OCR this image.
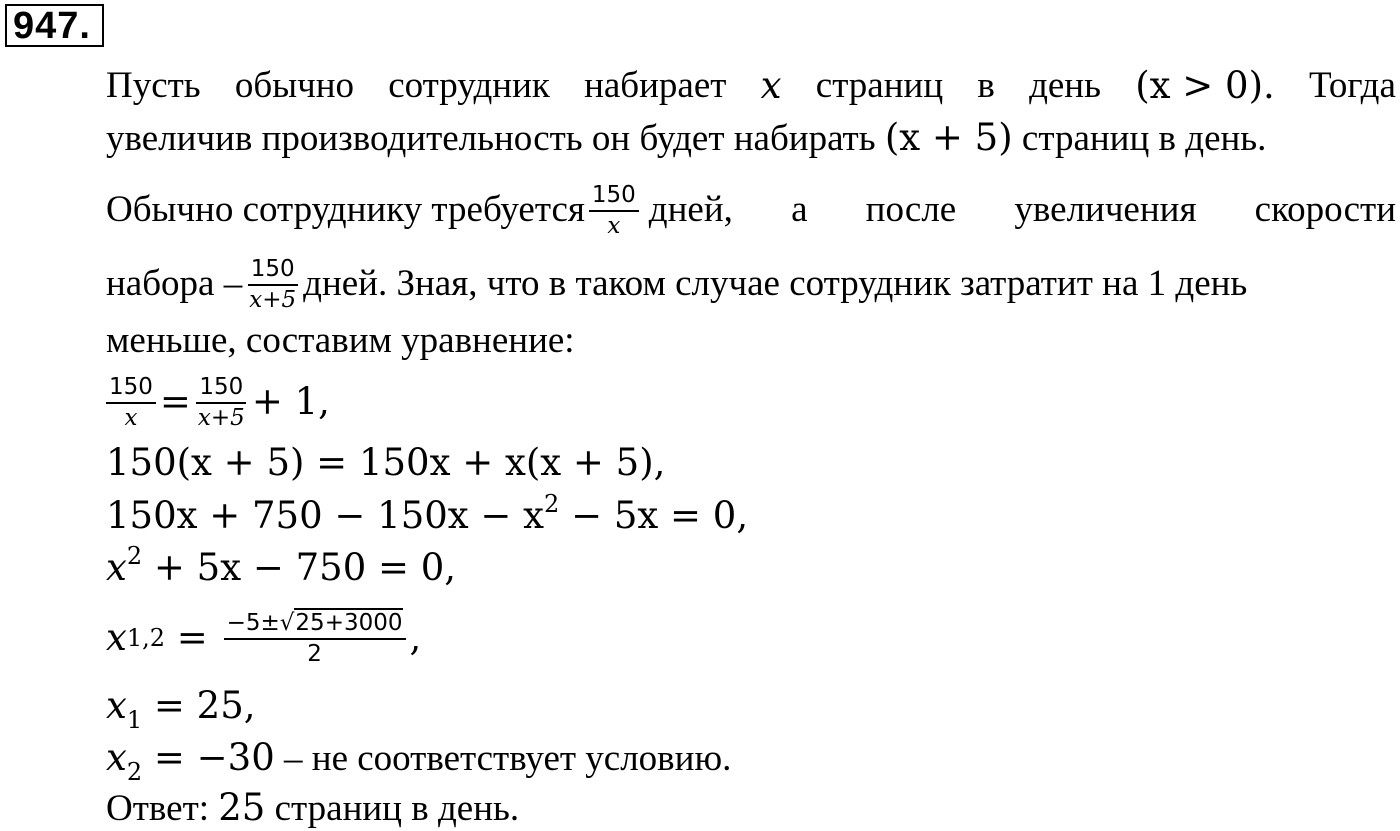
947.
Пусть обычно сотрудник набирает x страниц в день (x > 0). Тогда
увеличив производительность он будет набирать (x + 5) страниц в день.
Обычно сотруднику требуется $\frac{150}{x}$ дней, а после увеличения скорости
набора – $\frac{150}{x+5}$ дней. Зная, что в таком случае сотрудник затратит на 1 день
меньше, составим уравнение:
$\frac{150}{x} = \frac{150}{x+5} + 1$,
150(x + 5) = 150x + x(x + 5),
$150x + 750 - 150x - x^2 - 5x = 0$,
$x^2 + 5x - 750 = 0$,
x $1,2 = \frac{-5\pm√25+3000}{2}$ ,
$x_1 = 25$,
$x_2 = -30$ – не соответствует условию.
Ответ: 25 страниц в день.
